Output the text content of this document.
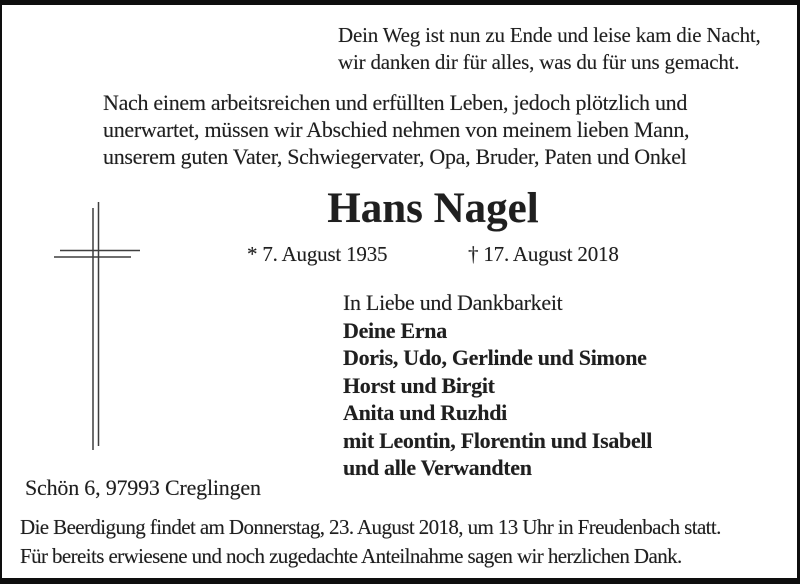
Dein Weg ist nun zu Ende und leise kam die Nacht,
wir danken dir für alles, was du für uns gemacht.
Nach einem arbeitsreichen und erfüllten Leben, jedoch plötzlich und
unerwartet, müssen wir Abschied nehmen von meinem lieben Mann,
unserem guten Vater, Schwiegervater, Opa, Bruder, Paten und Onkel
Hans Nagel
* 7. August 1935	† 17. August 2018
In Liebe und Dankbarkeit
Deine Erna
Doris, Udo, Gerlinde und Simone
Horst und Birgit
Anita und Ruzhdi
mit Leontin, Florentin und Isabell
und alle Verwandten
Schön 6, 97993 Creglingen
Die Beerdigung findet am Donnerstag, 23. August 2018, um 13 Uhr in Freudenbach statt.
Für bereits erwiesene und noch zugedachte Anteilnahme sagen wir herzlichen Dank.
